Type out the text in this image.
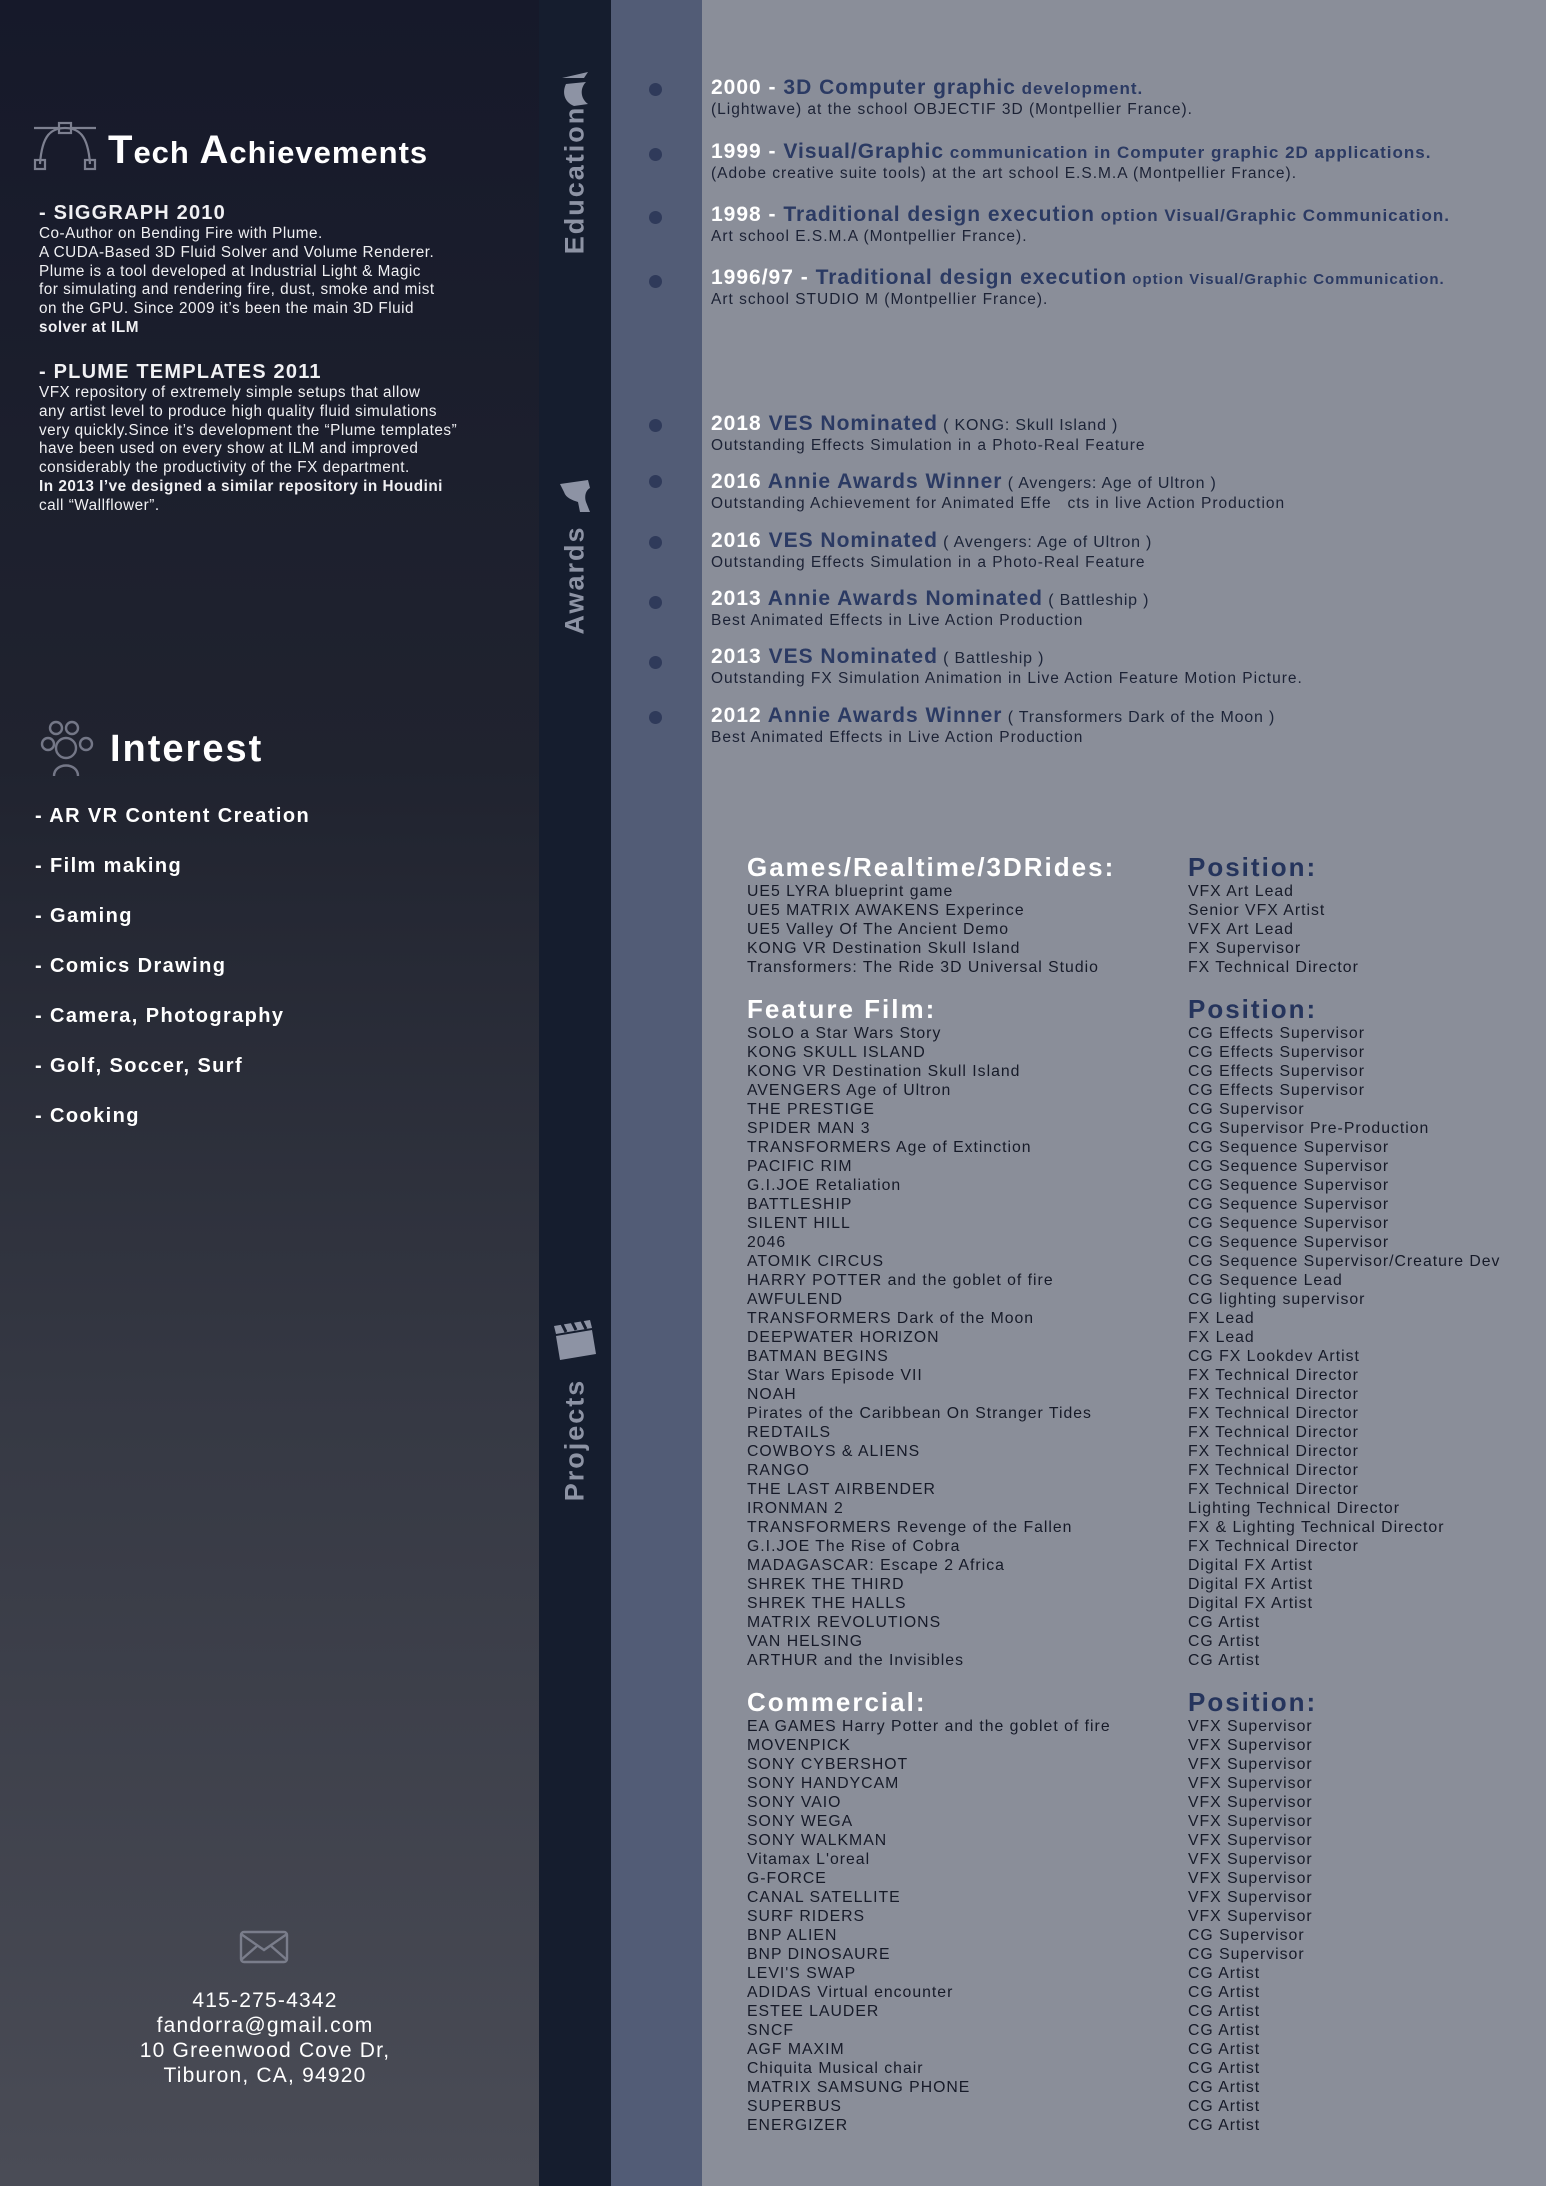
Tech Achievements
- SIGGRAPH 2010
Co-Author on Bending Fire with Plume.
A CUDA-Based 3D Fluid Solver and Volume Renderer.
Plume is a tool developed at Industrial Light & Magic
for simulating and rendering fire, dust, smoke and mist
on the GPU. Since 2009 it’s been the main 3D Fluid
solver at ILM
- PLUME TEMPLATES 2011
VFX repository of extremely simple setups that allow
any artist level to produce high quality fluid simulations
very quickly.Since it’s development the “Plume templates”
have been used on every show at ILM and improved
considerably the productivity of the FX department.
In 2013 I’ve designed a similar repository in Houdini
call “Wallflower”.
Interest
- AR VR Content Creation
- Film making
- Gaming
- Comics Drawing
- Camera, Photography
- Golf, Soccer, Surf
- Cooking
415-275-4342
fandorra@gmail.com
10 Greenwood Cove Dr,
Tiburon, CA, 94920
Education
Awards
Projects
2000 - 3D Computer graphic development.
(Lightwave) at the school OBJECTIF 3D (Montpellier France).
1999 - Visual/Graphic communication in Computer graphic 2D applications.
(Adobe creative suite tools) at the art school E.S.M.A (Montpellier France).
1998 - Traditional design execution option Visual/Graphic Communication.
Art school E.S.M.A (Montpellier France).
1996/97 - Traditional design execution option Visual/Graphic Communication.
Art school STUDIO M (Montpellier France).
2018 VES Nominated ( KONG: Skull Island )
Outstanding Effects Simulation in a Photo-Real Feature
2016 Annie Awards Winner ( Avengers: Age of Ultron )
Outstanding Achievement for Animated Effe   cts in live Action Production
2016 VES Nominated ( Avengers: Age of Ultron )
Outstanding Effects Simulation in a Photo-Real Feature
2013 Annie Awards Nominated ( Battleship )
Best Animated Effects in Live Action Production
2013 VES Nominated ( Battleship )
Outstanding FX Simulation Animation in Live Action Feature Motion Picture.
2012 Annie Awards Winner ( Transformers Dark of the Moon )
Best Animated Effects in Live Action Production
Games/Realtime/3DRides:
UE5 LYRA blueprint game
UE5 MATRIX AWAKENS Experince
UE5 Valley Of The Ancient Demo
KONG VR Destination Skull Island
Transformers: The Ride 3D Universal Studio
Feature Film:
SOLO a Star Wars Story
KONG SKULL ISLAND
KONG VR Destination Skull Island
AVENGERS Age of Ultron
THE PRESTIGE
SPIDER MAN 3
TRANSFORMERS Age of Extinction
PACIFIC RIM
G.I.JOE Retaliation
BATTLESHIP
SILENT HILL
2046
ATOMIK CIRCUS
HARRY POTTER and the goblet of fire
AWFULEND
TRANSFORMERS Dark of the Moon
DEEPWATER HORIZON
BATMAN BEGINS
Star Wars Episode VII
NOAH
Pirates of the Caribbean On Stranger Tides
REDTAILS
COWBOYS & ALIENS
RANGO
THE LAST AIRBENDER
IRONMAN 2
TRANSFORMERS Revenge of the Fallen
G.I.JOE The Rise of Cobra
MADAGASCAR: Escape 2 Africa
SHREK THE THIRD
SHREK THE HALLS
MATRIX REVOLUTIONS
VAN HELSING
ARTHUR and the Invisibles
Commercial:
EA GAMES Harry Potter and the goblet of fire
MOVENPICK
SONY CYBERSHOT
SONY HANDYCAM
SONY VAIO
SONY WEGA
SONY WALKMAN
Vitamax L'oreal
G-FORCE
CANAL SATELLITE
SURF RIDERS
BNP ALIEN
BNP DINOSAURE
LEVI'S SWAP
ADIDAS Virtual encounter
ESTEE LAUDER
SNCF
AGF MAXIM
Chiquita Musical chair
MATRIX SAMSUNG PHONE
SUPERBUS
ENERGIZER
Position:
VFX Art Lead
Senior VFX Artist
VFX Art Lead
FX Supervisor
FX Technical Director
Position:
CG Effects Supervisor
CG Effects Supervisor
CG Effects Supervisor
CG Effects Supervisor
CG Supervisor
CG Supervisor Pre-Production
CG Sequence Supervisor
CG Sequence Supervisor
CG Sequence Supervisor
CG Sequence Supervisor
CG Sequence Supervisor
CG Sequence Supervisor
CG Sequence Supervisor/Creature Dev
CG Sequence Lead
CG lighting supervisor
FX Lead
FX Lead
CG FX Lookdev Artist
FX Technical Director
FX Technical Director
FX Technical Director
FX Technical Director
FX Technical Director
FX Technical Director
FX Technical Director
Lighting Technical Director
FX & Lighting Technical Director
FX Technical Director
Digital FX Artist
Digital FX Artist
Digital FX Artist
CG Artist
CG Artist
CG Artist
Position:
VFX Supervisor
VFX Supervisor
VFX Supervisor
VFX Supervisor
VFX Supervisor
VFX Supervisor
VFX Supervisor
VFX Supervisor
VFX Supervisor
VFX Supervisor
VFX Supervisor
CG Supervisor
CG Supervisor
CG Artist
CG Artist
CG Artist
CG Artist
CG Artist
CG Artist
CG Artist
CG Artist
CG Artist
